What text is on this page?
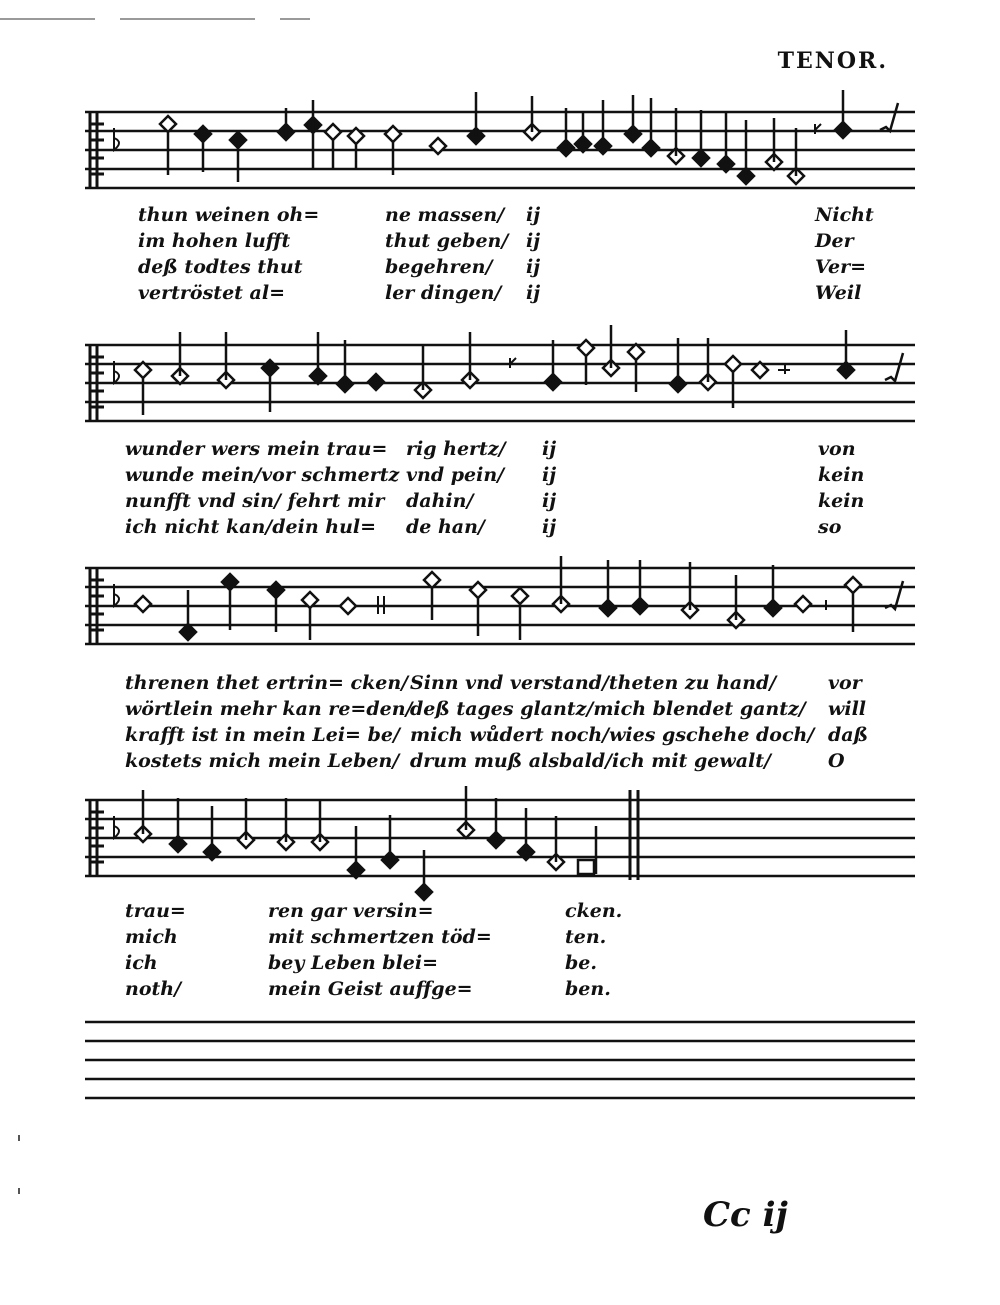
TENOR.
thun weinen oh=
im hohen lufft
deß todtes thut
vertröstet al=
ne massen/
thut geben/
begehren/
ler dingen/
ij
ij
ij
ij
Nicht
Der
Ver=
Weil
wunder wers mein trau=
wunde mein/vor schmertz
nunfft vnd sin/ fehrt mir
ich nicht kan/dein hul=
rig hertz/
vnd pein/
dahin/
de han/
ij
ij
ij
ij
von
kein
kein
so
threnen thet ertrin= cken/
wörtlein mehr kan re=den/
krafft ist in mein Lei= be/
kostets mich mein Leben/
Sinn vnd verstand/theten zu hand/
deß tages glantz/mich blendet gantz/
mich wůdert noch/wies gschehe doch/
drum muß alsbald/ich mit gewalt/
vor
will
daß
O
trau=
mich
ich
noth/
ren gar versin=
mit schmertzen töd=
bey Leben blei=
mein Geist auffge=
cken.
ten.
be.
ben.
Cc ij
